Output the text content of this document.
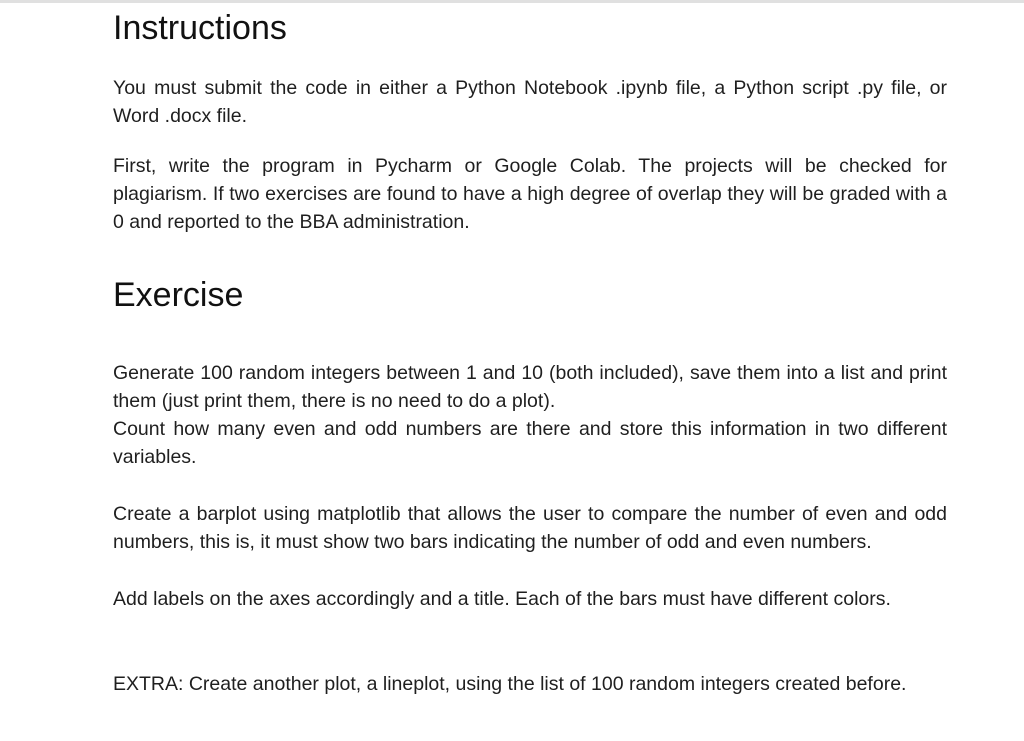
Instructions

You must submit the code in either a Python Notebook .ipynb file, a Python script .py file, or Word .docx file.

First, write the program in Pycharm or Google Colab. The projects will be checked for plagiarism. If two exercises are found to have a high degree of overlap they will be graded with a 0 and reported to the BBA administration.

Exercise

Generate 100 random integers between 1 and 10 (both included), save them into a list and print them (just print them, there is no need to do a plot).

Count how many even and odd numbers are there and store this information in two different variables.

Create a barplot using matplotlib that allows the user to compare the number of even and odd numbers, this is, it must show two bars indicating the number of odd and even numbers.

Add labels on the axes accordingly and a title. Each of the bars must have different colors.

EXTRA: Create another plot, a lineplot, using the list of 100 random integers created before.
